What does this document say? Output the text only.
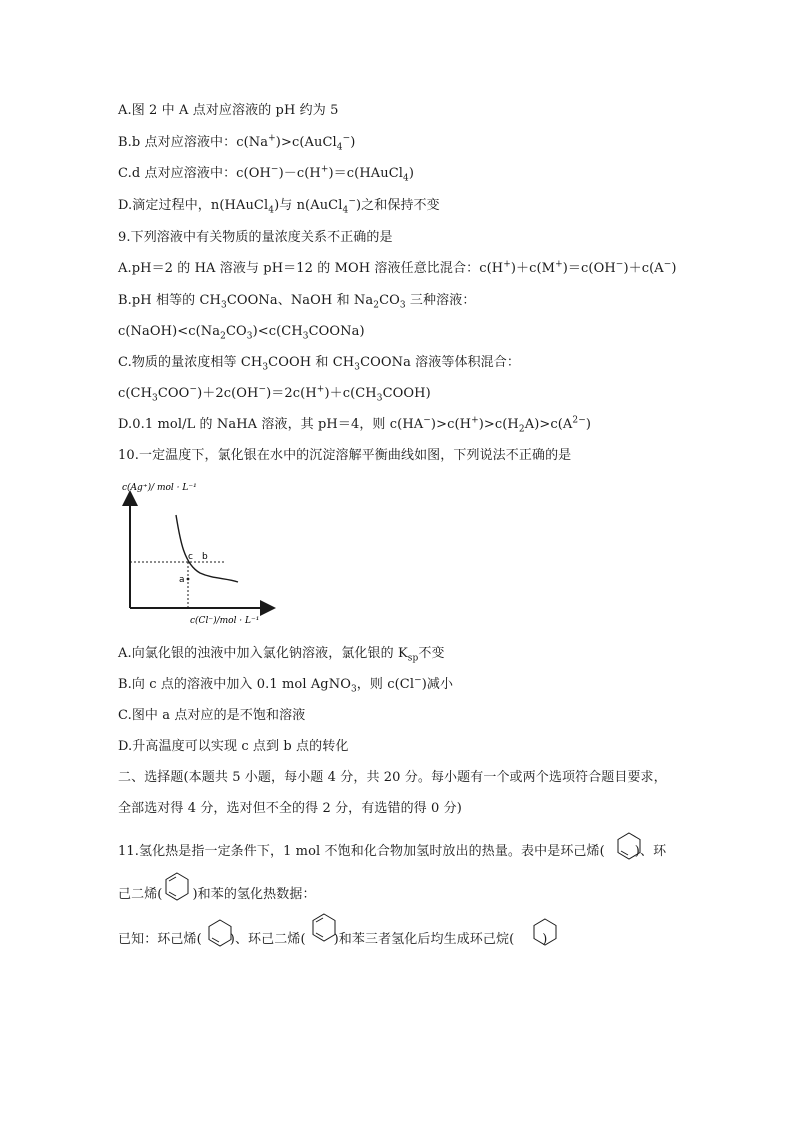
A.图 2 中 A 点对应溶液的 pH 约为 5
B.b 点对应溶液中：c(Na+)>c(AuCl$_4$−)
C.d 点对应溶液中：c(OH−)－c(H+)＝c(HAuCl$_4$)
D.滴定过程中，n(HAuCl$_4$)与 n(AuCl$_4$−)之和保持不变
9.下列溶液中有关物质的量浓度关系不正确的是
A.pH＝2 的 HA 溶液与 pH＝12 的 MOH 溶液任意比混合：c(H+)＋c(M+)＝c(OH−)＋c(A−)
B.pH 相等的 $CH_3COONa$、NaOH 和 $Na_2CO_3$ 三种溶液：
$c(NaOH)<c(Na_2CO_3)<c(CH_3COONa)$
C.物质的量浓度相等 $CH_3COOH$ 和 $CH_3COONa$ 溶液等体积混合：
$c(CH_3COO^-)+2c(OH^-)=2c(H^+)+c(CH_3COOH)$
D.0.1 mol/L 的 NaHA 溶液，其 pH＝4，则 $c(HA^-)>c(H^+)>c(H_2A)>c(A^{2-})$
10.一定温度下，氯化银在水中的沉淀溶解平衡曲线如图，下列说法不正确的是
a
c b
c(Ag⁺)/ mol · L⁻¹
c(Cl⁻)/mol · L⁻¹
A.向氯化银的浊液中加入氯化钠溶液，氯化银的 $K_{sp}$不变
B.向 c 点的溶液中加入 0.1 mol AgNO$_3$，则 c(Cl−)减小
C.图中 a 点对应的是不饱和溶液
D.升高温度可以实现 c 点到 b 点的转化
二、选择题(本题共 5 小题，每小题 4 分，共 20 分。每小题有一个或两个选项符合题目要求，
全部选对得 4 分，选对但不全的得 2 分，有选错的得 0 分)
11.氢化热是指一定条件下，1 mol 不饱和化合物加氢时放出的热量。表中是环己烯( )、环
己二烯( )和苯的氢化热数据：
已知：环己烯( )、环己二烯( )和苯三者氢化后均生成环己烷( )
